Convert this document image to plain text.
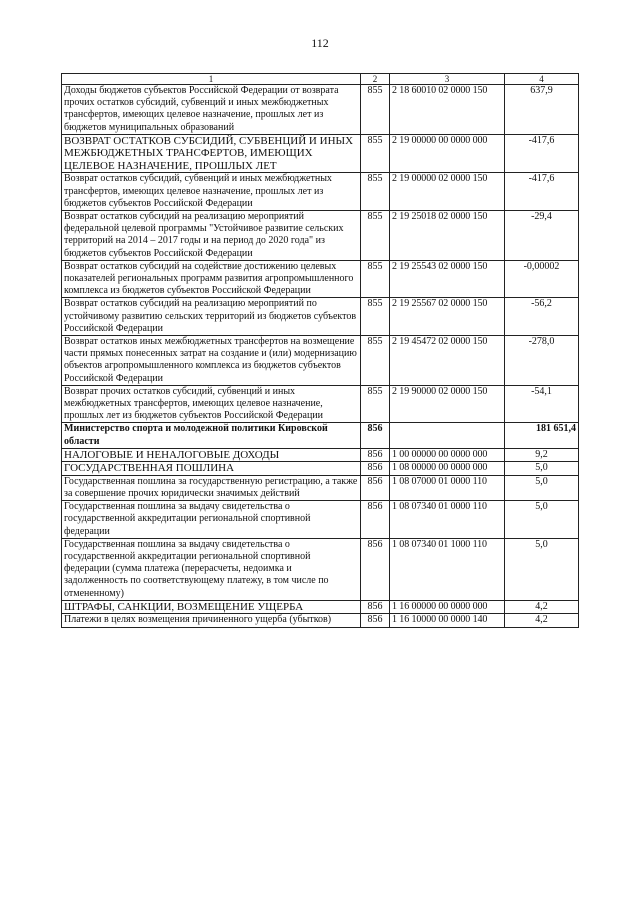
112
1	2	3	4
Доходы бюджетов субъектов Российской Федерации от возврата прочих остатков субсидий, субвенций и иных межбюджетных трансфертов, имеющих целевое назначение, прошлых лет из бюджетов муниципальных образований	855	2 18 60010 02 0000 150	637,9
ВОЗВРАТ ОСТАТКОВ СУБСИДИЙ, СУБВЕНЦИЙ И ИНЫХ МЕЖБЮДЖЕТНЫХ ТРАНСФЕРТОВ, ИМЕЮЩИХ ЦЕЛЕВОЕ НАЗНАЧЕНИЕ, ПРОШЛЫХ ЛЕТ	855	2 19 00000 00 0000 000	-417,6
Возврат остатков субсидий, субвенций и иных межбюджетных трансфертов, имеющих целевое назначение, прошлых лет из бюджетов субъектов Российской Федерации	855	2 19 00000 02 0000 150	-417,6
Возврат остатков субсидий на реализацию мероприятий федеральной целевой программы "Устойчивое развитие сельских территорий на 2014 – 2017 годы и на период до 2020 года" из бюджетов субъектов Российской Федерации	855	2 19 25018 02 0000 150	-29,4
Возврат остатков субсидий на содействие достижению целевых показателей региональных программ развития агропромышленного комплекса из бюджетов субъектов Российской Федерации	855	2 19 25543 02 0000 150	-0,00002
Возврат остатков субсидий на реализацию мероприятий по устойчивому развитию сельских территорий из бюджетов субъектов Российской Федерации	855	2 19 25567 02 0000 150	-56,2
Возврат остатков иных межбюджетных трансфертов на возмещение части прямых понесенных затрат на создание и (или) модернизацию объектов агропромышленного комплекса из бюджетов субъектов Российской Федерации	855	2 19 45472 02 0000 150	-278,0
Возврат прочих остатков субсидий, субвенций и иных межбюджетных трансфертов, имеющих целевое назначение, прошлых лет из бюджетов субъектов Российской Федерации	855	2 19 90000 02 0000 150	-54,1
Министерство спорта и молодежной политики Кировской области	856		181 651,4
НАЛОГОВЫЕ И НЕНАЛОГОВЫЕ ДОХОДЫ	856	1 00 00000 00 0000 000	9,2
ГОСУДАРСТВЕННАЯ ПОШЛИНА	856	1 08 00000 00 0000 000	5,0
Государственная пошлина за государственную регистрацию, а также за совершение прочих юридически значимых действий	856	1 08 07000 01 0000 110	5,0
Государственная пошлина за выдачу свидетельства о государственной аккредитации региональной спортивной федерации	856	1 08 07340 01 0000 110	5,0
Государственная пошлина за выдачу свидетельства о государственной аккредитации региональной спортивной федерации (сумма платежа (перерасчеты, недоимка и задолженность по соответствующему платежу, в том числе по отмененному)	856	1 08 07340 01 1000 110	5,0
ШТРАФЫ, САНКЦИИ, ВОЗМЕЩЕНИЕ УЩЕРБА	856	1 16 00000 00 0000 000	4,2
Платежи в целях возмещения причиненного ущерба (убытков)	856	1 16 10000 00 0000 140	4,2
